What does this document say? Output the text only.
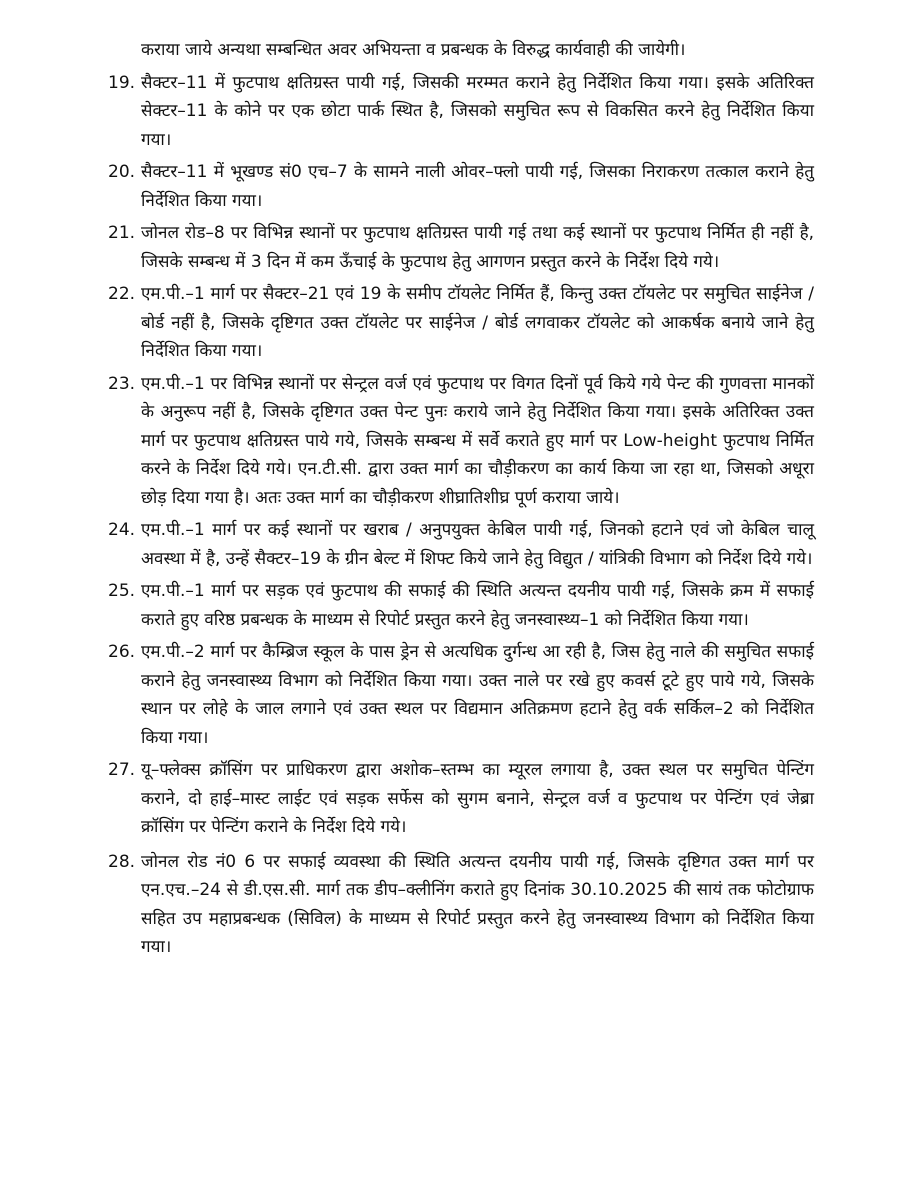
कराया जाये अन्यथा सम्बन्धित अवर अभियन्ता व प्रबन्धक के विरुद्ध कार्यवाही की जायेगी।
19. सैक्टर–11 में फुटपाथ क्षतिग्रस्त पायी गई, जिसकी मरम्मत कराने हेतु निर्देशित किया गया। इसके अतिरिक्त सेक्टर–11 के कोने पर एक छोटा पार्क स्थित है, जिसको समुचित रूप से विकसित करने हेतु निर्देशित किया गया।
20. सैक्टर–11 में भूखण्ड सं0 एच–7 के सामने नाली ओवर–फ्लो पायी गई, जिसका निराकरण तत्काल कराने हेतु निर्देशित किया गया।
21. जोनल रोड–8 पर विभिन्न स्थानों पर फुटपाथ क्षतिग्रस्त पायी गई तथा कई स्थानों पर फुटपाथ निर्मित ही नहीं है, जिसके सम्बन्ध में 3 दिन में कम ऊँचाई के फुटपाथ हेतु आगणन प्रस्तुत करने के निर्देश दिये गये।
22. एम.पी.–1 मार्ग पर सैक्टर–21 एवं 19 के समीप टॉयलेट निर्मित हैं, किन्तु उक्त टॉयलेट पर समुचित साईनेज / बोर्ड नहीं है, जिसके दृष्टिगत उक्त टॉयलेट पर साईनेज / बोर्ड लगवाकर टॉयलेट को आकर्षक बनाये जाने हेतु निर्देशित किया गया।
23. एम.पी.–1 पर विभिन्न स्थानों पर सेन्ट्रल वर्ज एवं फुटपाथ पर विगत दिनों पूर्व किये गये पेन्ट की गुणवत्ता मानकों के अनुरूप नहीं है, जिसके दृष्टिगत उक्त पेन्ट पुनः कराये जाने हेतु निर्देशित किया गया। इसके अतिरिक्त उक्त मार्ग पर फुटपाथ क्षतिग्रस्त पाये गये, जिसके सम्बन्ध में सर्वे कराते हुए मार्ग पर Low-height फुटपाथ निर्मित करने के निर्देश दिये गये। एन.टी.सी. द्वारा उक्त मार्ग का चौड़ीकरण का कार्य किया जा रहा था, जिसको अधूरा छोड़ दिया गया है। अतः उक्त मार्ग का चौड़ीकरण शीघ्रातिशीघ्र पूर्ण कराया जाये।
24. एम.पी.–1 मार्ग पर कई स्थानों पर खराब / अनुपयुक्त केबिल पायी गई, जिनको हटाने एवं जो केबिल चालू अवस्था में है, उन्हें सैक्टर–19 के ग्रीन बेल्ट में शिफ्ट किये जाने हेतु विद्युत / यांत्रिकी विभाग को निर्देश दिये गये।
25. एम.पी.–1 मार्ग पर सड़क एवं फुटपाथ की सफाई की स्थिति अत्यन्त दयनीय पायी गई, जिसके क्रम में सफाई कराते हुए वरिष्ठ प्रबन्धक के माध्यम से रिपोर्ट प्रस्तुत करने हेतु जनस्वास्थ्य–1 को निर्देशित किया गया।
26. एम.पी.–2 मार्ग पर कैम्ब्रिज स्कूल के पास ड्रेन से अत्यधिक दुर्गन्ध आ रही है, जिस हेतु नाले की समुचित सफाई कराने हेतु जनस्वास्थ्य विभाग को निर्देशित किया गया। उक्त नाले पर रखे हुए कवर्स टूटे हुए पाये गये, जिसके स्थान पर लोहे के जाल लगाने एवं उक्त स्थल पर विद्यमान अतिक्रमण हटाने हेतु वर्क सर्किल–2 को निर्देशित किया गया।
27. यू–फ्लेक्स क्रॉसिंग पर प्राधिकरण द्वारा अशोक–स्तम्भ का म्यूरल लगाया है, उक्त स्थल पर समुचित पेन्टिंग कराने, दो हाई–मास्ट लाईट एवं सड़क सर्फेस को सुगम बनाने, सेन्ट्रल वर्ज व फुटपाथ पर पेन्टिंग एवं जेब्रा क्रॉसिंग पर पेन्टिंग कराने के निर्देश दिये गये।
28. जोनल रोड नं0 6 पर सफाई व्यवस्था की स्थिति अत्यन्त दयनीय पायी गई, जिसके दृष्टिगत उक्त मार्ग पर एन.एच.–24 से डी.एस.सी. मार्ग तक डीप–क्लीनिंग कराते हुए दिनांक 30.10.2025 की सायं तक फोटोग्राफ सहित उप महाप्रबन्धक (सिविल) के माध्यम से रिपोर्ट प्रस्तुत करने हेतु जनस्वास्थ्य विभाग को निर्देशित किया गया।
